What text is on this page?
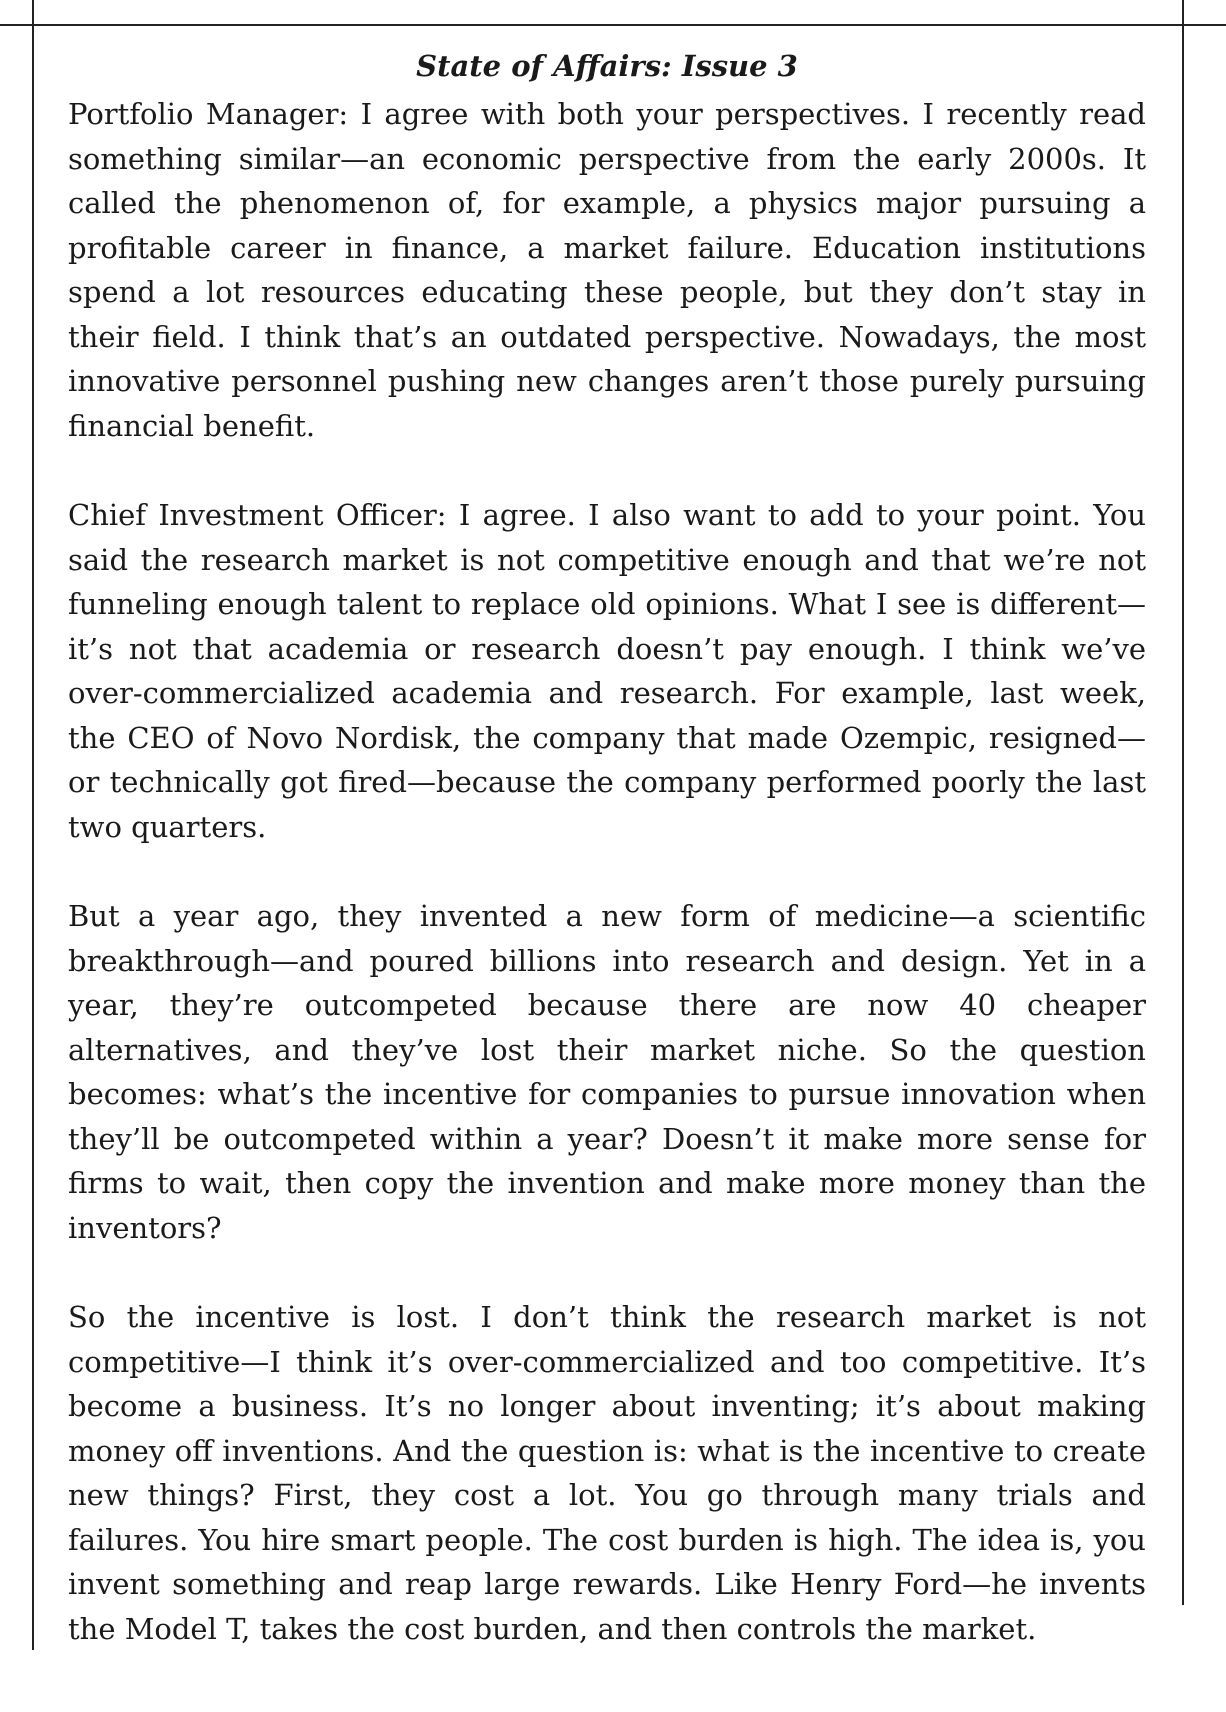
State of Affairs: Issue 3

Portfolio Manager: I agree with both your perspectives. I recently read something similar—an economic perspective from the early 2000s. It called the phenomenon of, for example, a physics major pursuing a profitable career in finance, a market failure. Education institutions spend a lot resources educating these people, but they don’t stay in their field. I think that’s an outdated perspective. Nowadays, the most innovative personnel pushing new changes aren’t those purely pursuing financial benefit.

Chief Investment Officer: I agree. I also want to add to your point. You said the research market is not competitive enough and that we’re not funneling enough talent to replace old opinions. What I see is different—it’s not that academia or research doesn’t pay enough. I think we’ve over-commercialized academia and research. For example, last week, the CEO of Novo Nordisk, the company that made Ozempic, resigned—or technically got fired—because the company performed poorly the last two quarters.

But a year ago, they invented a new form of medicine—a scientific breakthrough—and poured billions into research and design. Yet in a year, they’re outcompeted because there are now 40 cheaper alternatives, and they’ve lost their market niche. So the question becomes: what’s the incentive for companies to pursue innovation when they’ll be outcompeted within a year? Doesn’t it make more sense for firms to wait, then copy the invention and make more money than the inventors?

So the incentive is lost. I don’t think the research market is not competitive—I think it’s over-commercialized and too competitive. It’s become a business. It’s no longer about inventing; it’s about making money off inventions. And the question is: what is the incentive to create new things? First, they cost a lot. You go through many trials and failures. You hire smart people. The cost burden is high. The idea is, you invent something and reap large rewards. Like Henry Ford—he invents the Model T, takes the cost burden, and then controls the market.
